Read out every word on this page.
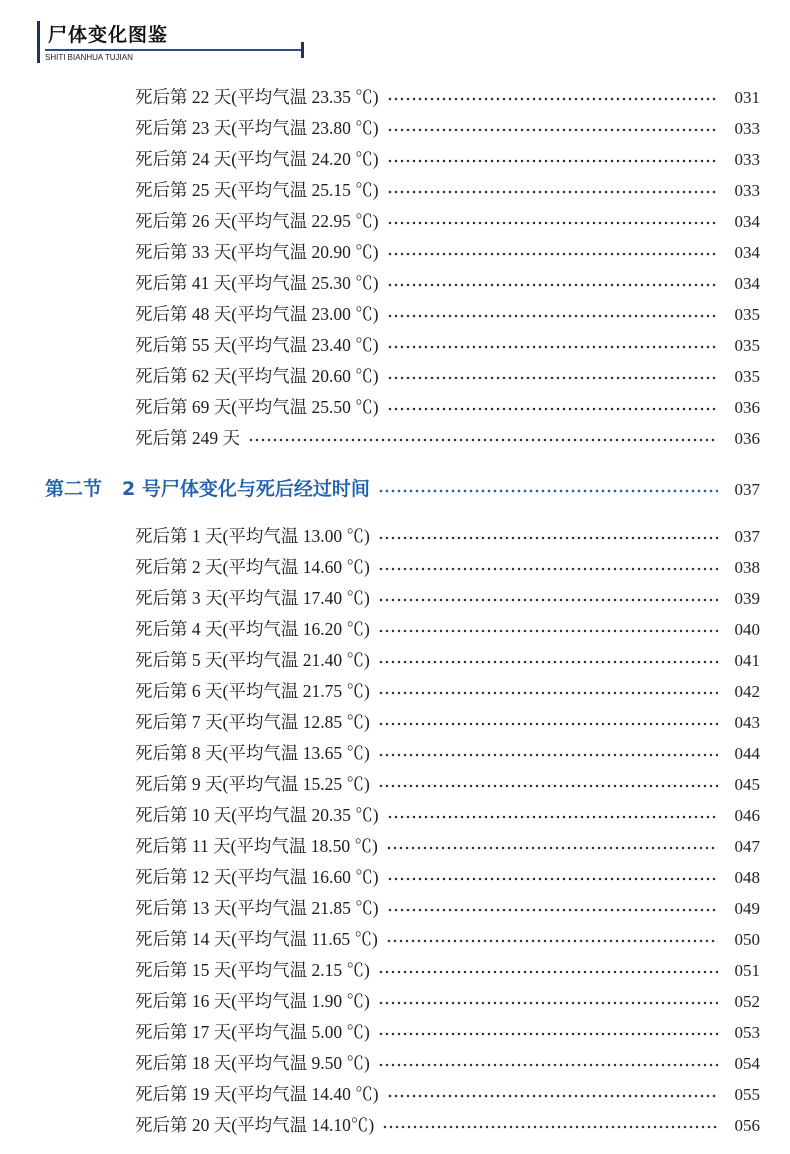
尸体变化图鉴
SHITI BIANHUA TUJIAN
死后第 22 天(平均气温 23.35 ℃)	031
死后第 23 天(平均气温 23.80 ℃)	033
死后第 24 天(平均气温 24.20 ℃)	033
死后第 25 天(平均气温 25.15 ℃)	033
死后第 26 天(平均气温 22.95 ℃)	034
死后第 33 天(平均气温 20.90 ℃)	034
死后第 41 天(平均气温 25.30 ℃)	034
死后第 48 天(平均气温 23.00 ℃)	035
死后第 55 天(平均气温 23.40 ℃)	035
死后第 62 天(平均气温 20.60 ℃)	035
死后第 69 天(平均气温 25.50 ℃)	036
死后第 249 天	036
第二节 2 号尸体变化与死后经过时间	037
死后第 1 天(平均气温 13.00 ℃)	037
死后第 2 天(平均气温 14.60 ℃)	038
死后第 3 天(平均气温 17.40 ℃)	039
死后第 4 天(平均气温 16.20 ℃)	040
死后第 5 天(平均气温 21.40 ℃)	041
死后第 6 天(平均气温 21.75 ℃)	042
死后第 7 天(平均气温 12.85 ℃)	043
死后第 8 天(平均气温 13.65 ℃)	044
死后第 9 天(平均气温 15.25 ℃)	045
死后第 10 天(平均气温 20.35 ℃)	046
死后第 11 天(平均气温 18.50 ℃)	047
死后第 12 天(平均气温 16.60 ℃)	048
死后第 13 天(平均气温 21.85 ℃)	049
死后第 14 天(平均气温 11.65 ℃)	050
死后第 15 天(平均气温 2.15 ℃)	051
死后第 16 天(平均气温 1.90 ℃)	052
死后第 17 天(平均气温 5.00 ℃)	053
死后第 18 天(平均气温 9.50 ℃)	054
死后第 19 天(平均气温 14.40 ℃)	055
死后第 20 天(平均气温 14.10℃)	056
